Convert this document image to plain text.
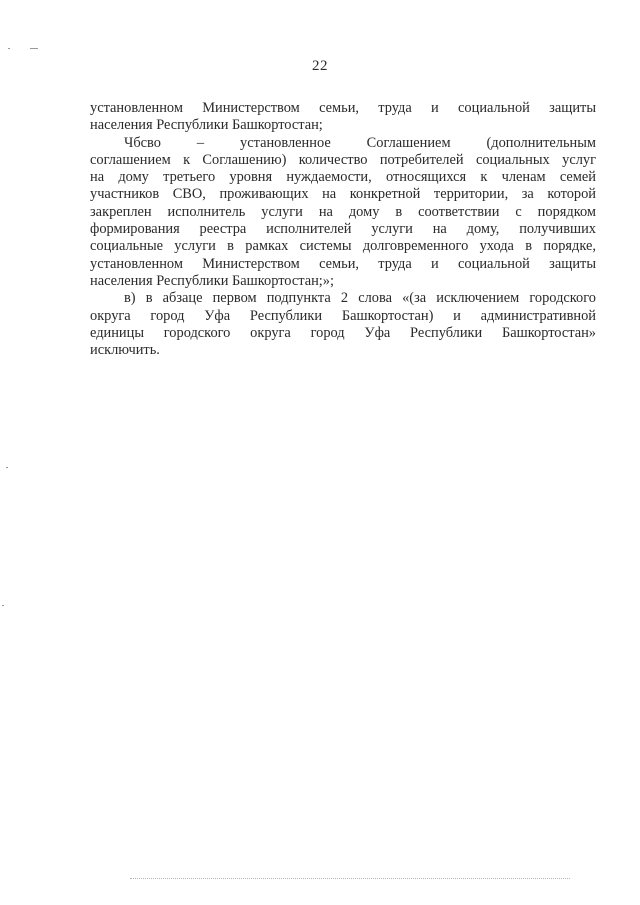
22
установленном Министерством семьи, труда и социальной защиты
населения Республики Башкортостан;
Чбсво – установленное Соглашением (дополнительным
соглашением к Соглашению) количество потребителей социальных услуг
на дому третьего уровня нуждаемости, относящихся к членам семей
участников СВО, проживающих на конкретной территории, за которой
закреплен исполнитель услуги на дому в соответствии с порядком
формирования реестра исполнителей услуги на дому, получивших
социальные услуги в рамках системы долговременного ухода в порядке,
установленном Министерством семьи, труда и социальной защиты
населения Республики Башкортостан;»;
в) в абзаце первом подпункта 2 слова «(за исключением городского
округа город Уфа Республики Башкортостан) и административной
единицы городского округа город Уфа Республики Башкортостан»
исключить.
